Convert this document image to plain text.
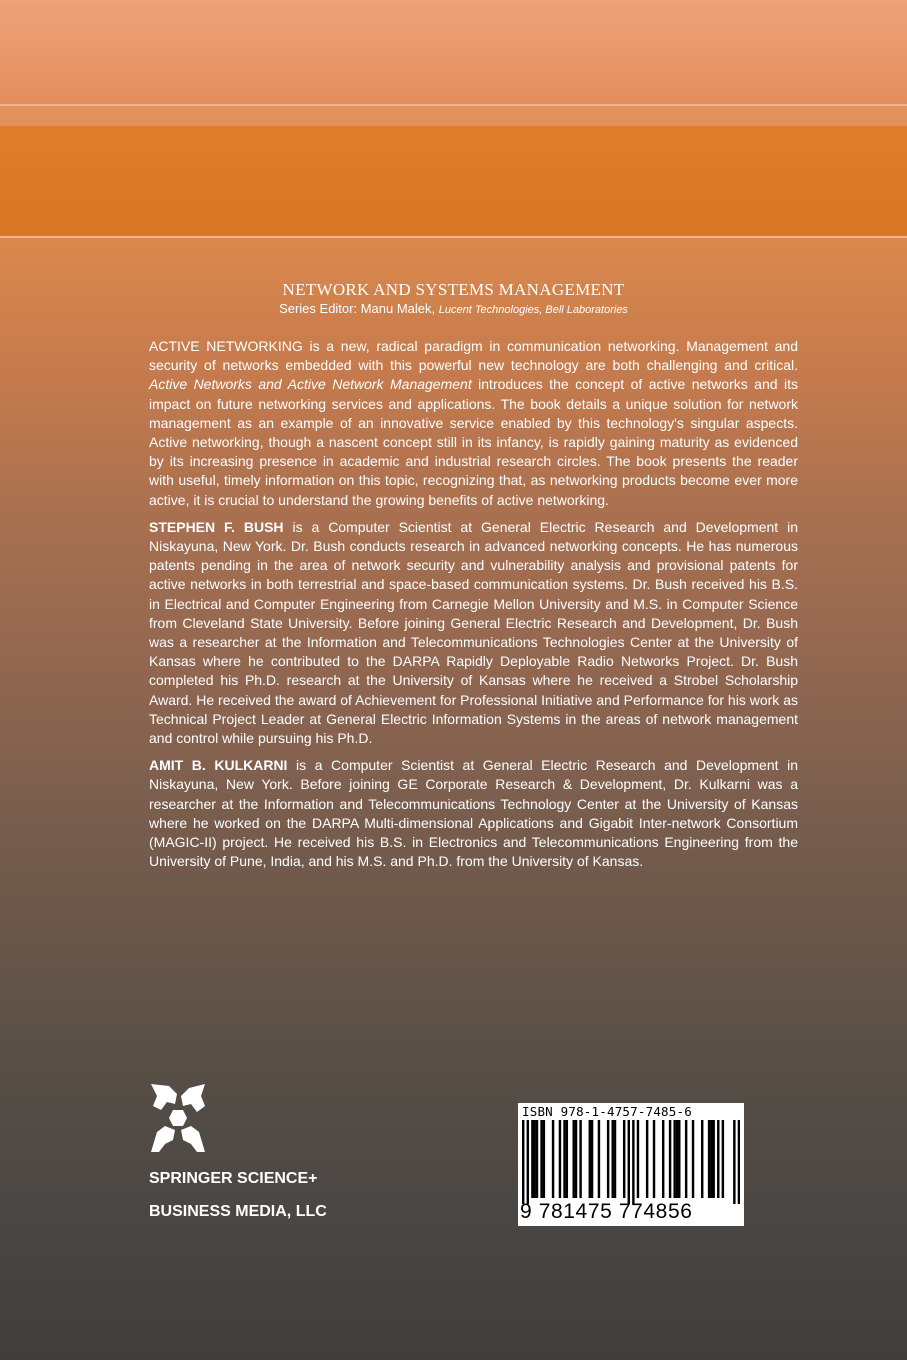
NETWORK AND SYSTEMS MANAGEMENT
Series Editor: Manu Malek, Lucent Technologies, Bell Laboratories

ACTIVE NETWORKING is a new, radical paradigm in communication networking. Management and security of networks embedded with this powerful new technology are both challenging and critical. Active Networks and Active Network Management introduces the concept of active networks and its impact on future networking services and applications. The book details a unique solution for network management as an example of an innovative service enabled by this technology's singular aspects. Active networking, though a nascent concept still in its infancy, is rapidly gaining maturity as evidenced by its increasing presence in academic and industrial research circles. The book presents the reader with useful, timely information on this topic, recognizing that, as networking products become ever more active, it is crucial to understand the growing benefits of active networking.

STEPHEN F. BUSH is a Computer Scientist at General Electric Research and Development in Niskayuna, New York. Dr. Bush conducts research in advanced networking concepts. He has numerous patents pending in the area of network security and vulnerability analysis and provisional patents for active networks in both terrestrial and space-based communication systems. Dr. Bush received his B.S. in Electrical and Computer Engineering from Carnegie Mellon University and M.S. in Computer Science from Cleveland State University. Before joining General Electric Research and Development, Dr. Bush was a researcher at the Information and Telecommunications Technologies Center at the University of Kansas where he contributed to the DARPA Rapidly Deployable Radio Networks Project. Dr. Bush completed his Ph.D. research at the University of Kansas where he received a Strobel Scholarship Award. He received the award of Achievement for Professional Initiative and Performance for his work as Technical Project Leader at General Electric Information Systems in the areas of network management and control while pursuing his Ph.D.

AMIT B. KULKARNI is a Computer Scientist at General Electric Research and Development in Niskayuna, New York. Before joining GE Corporate Research & Development, Dr. Kulkarni was a researcher at the Information and Telecommunications Technology Center at the University of Kansas where he worked on the DARPA Multi-dimensional Applications and Gigabit Inter-network Consortium (MAGIC-II) project. He received his B.S. in Electronics and Telecommunications Engineering from the University of Pune, India, and his M.S. and Ph.D. from the University of Kansas.

SPRINGER SCIENCE+
BUSINESS MEDIA, LLC
ISBN 978-1-4757-7485-6
9 781475 774856
